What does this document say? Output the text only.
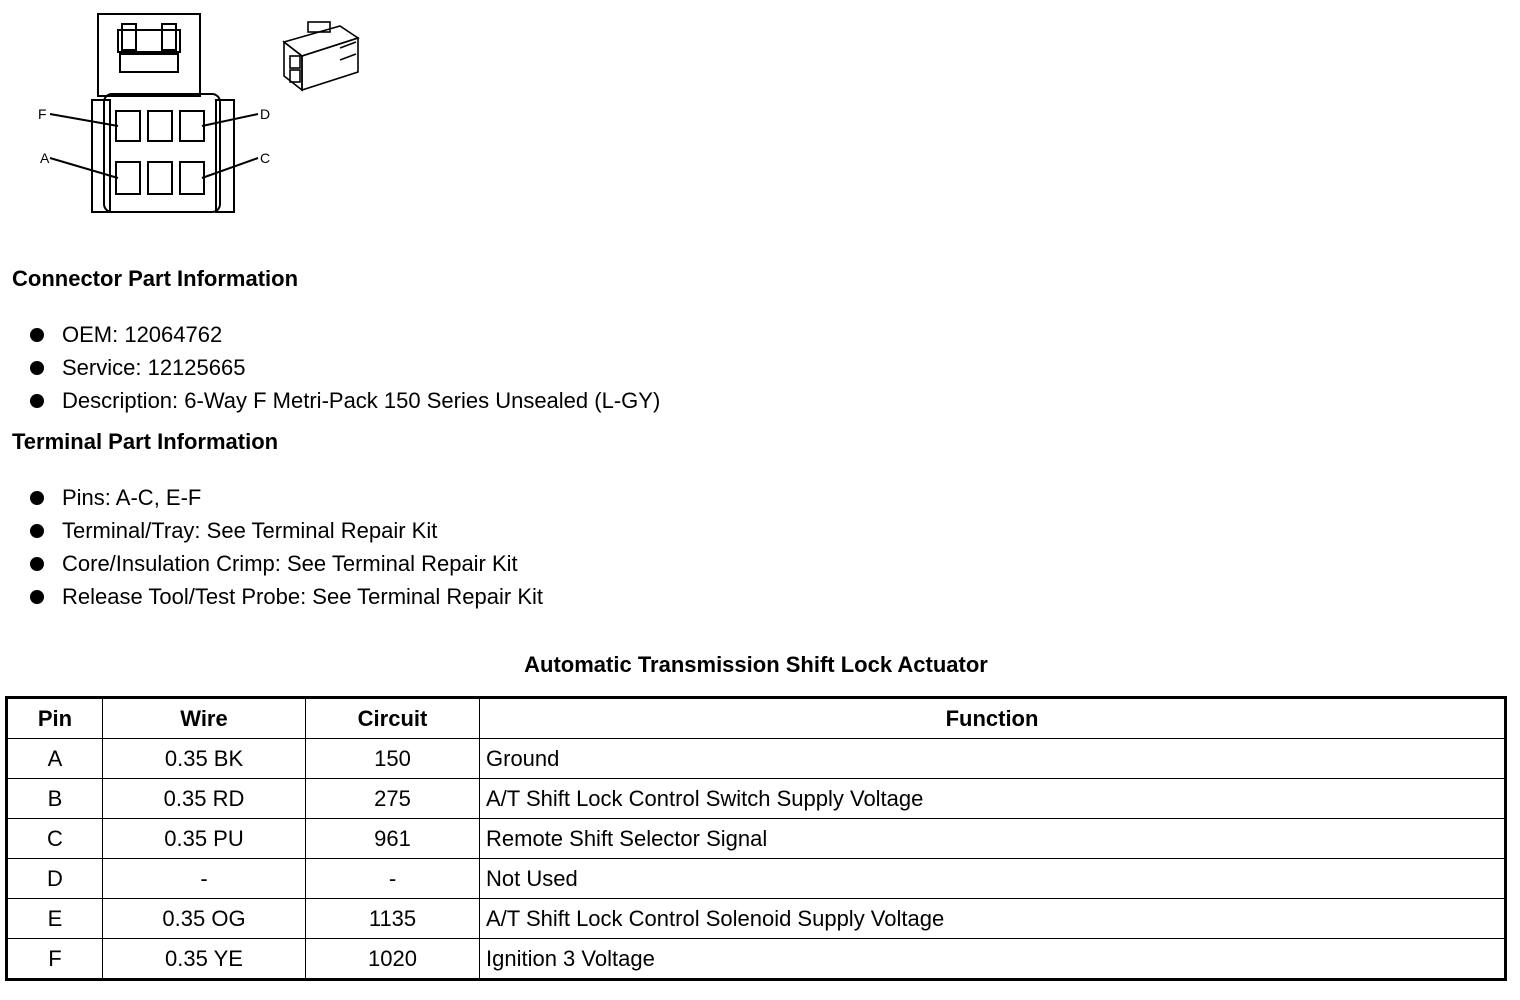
F	D
A	C
Connector Part Information
OEM: 12064762
Service: 12125665
Description: 6-Way F Metri-Pack 150 Series Unsealed (L-GY)
Terminal Part Information
Pins: A-C, E-F
Terminal/Tray: See Terminal Repair Kit
Core/Insulation Crimp: See Terminal Repair Kit
Release Tool/Test Probe: See Terminal Repair Kit
Automatic Transmission Shift Lock Actuator
Pin	Wire	Circuit	Function
A	0.35 BK	150	Ground
B	0.35 RD	275	A/T Shift Lock Control Switch Supply Voltage
C	0.35 PU	961	Remote Shift Selector Signal
D	-	-	Not Used
E	0.35 OG	1135	A/T Shift Lock Control Solenoid Supply Voltage
F	0.35 YE	1020	Ignition 3 Voltage
